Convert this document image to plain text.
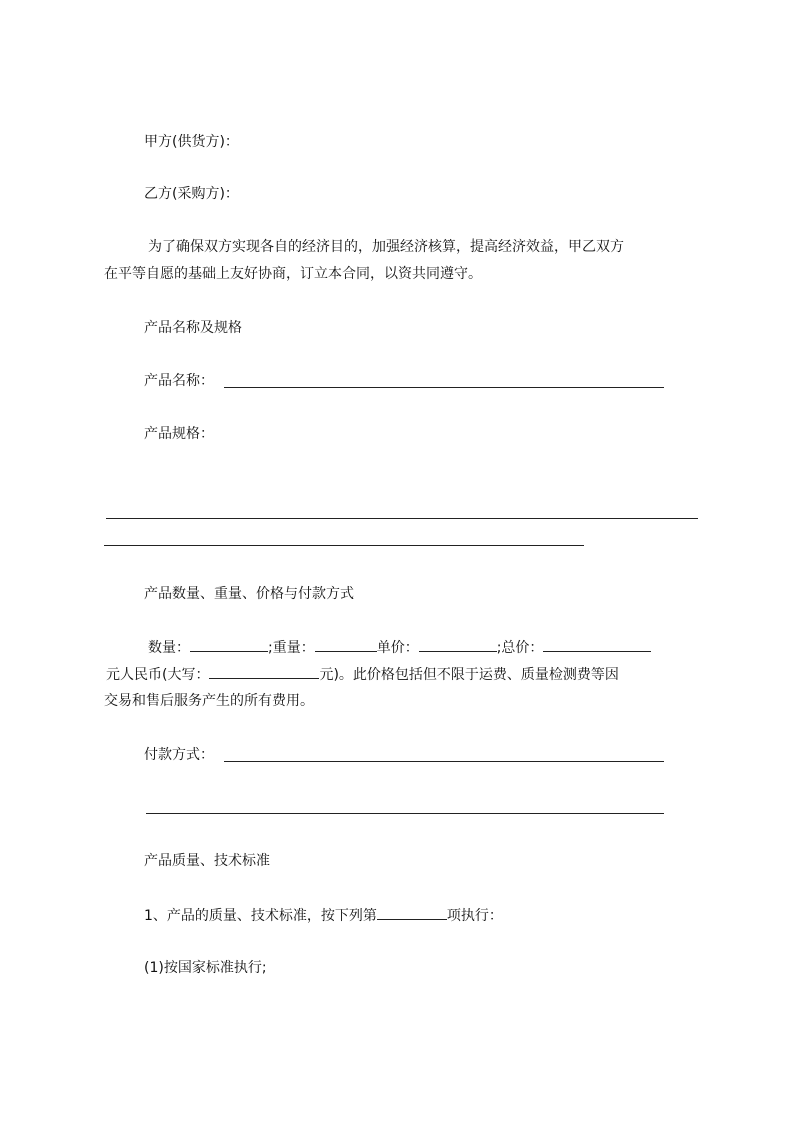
甲方(供货方)：
乙方(采购方)：
为了确保双方实现各自的经济目的，加强经济核算，提高经济效益，甲乙双方
在平等自愿的基础上友好协商，订立本合同，以资共同遵守。
产品名称及规格
产品名称：
产品规格：
产品数量、重量、价格与付款方式
数量：	;重量：	单价：	;总价：
元人民币(大写：	元)。此价格包括但不限于运费、质量检测费等因
交易和售后服务产生的所有费用。
付款方式：
产品质量、技术标准
1、产品的质量、技术标准，按下列第	项执行：
(1)按国家标准执行;
